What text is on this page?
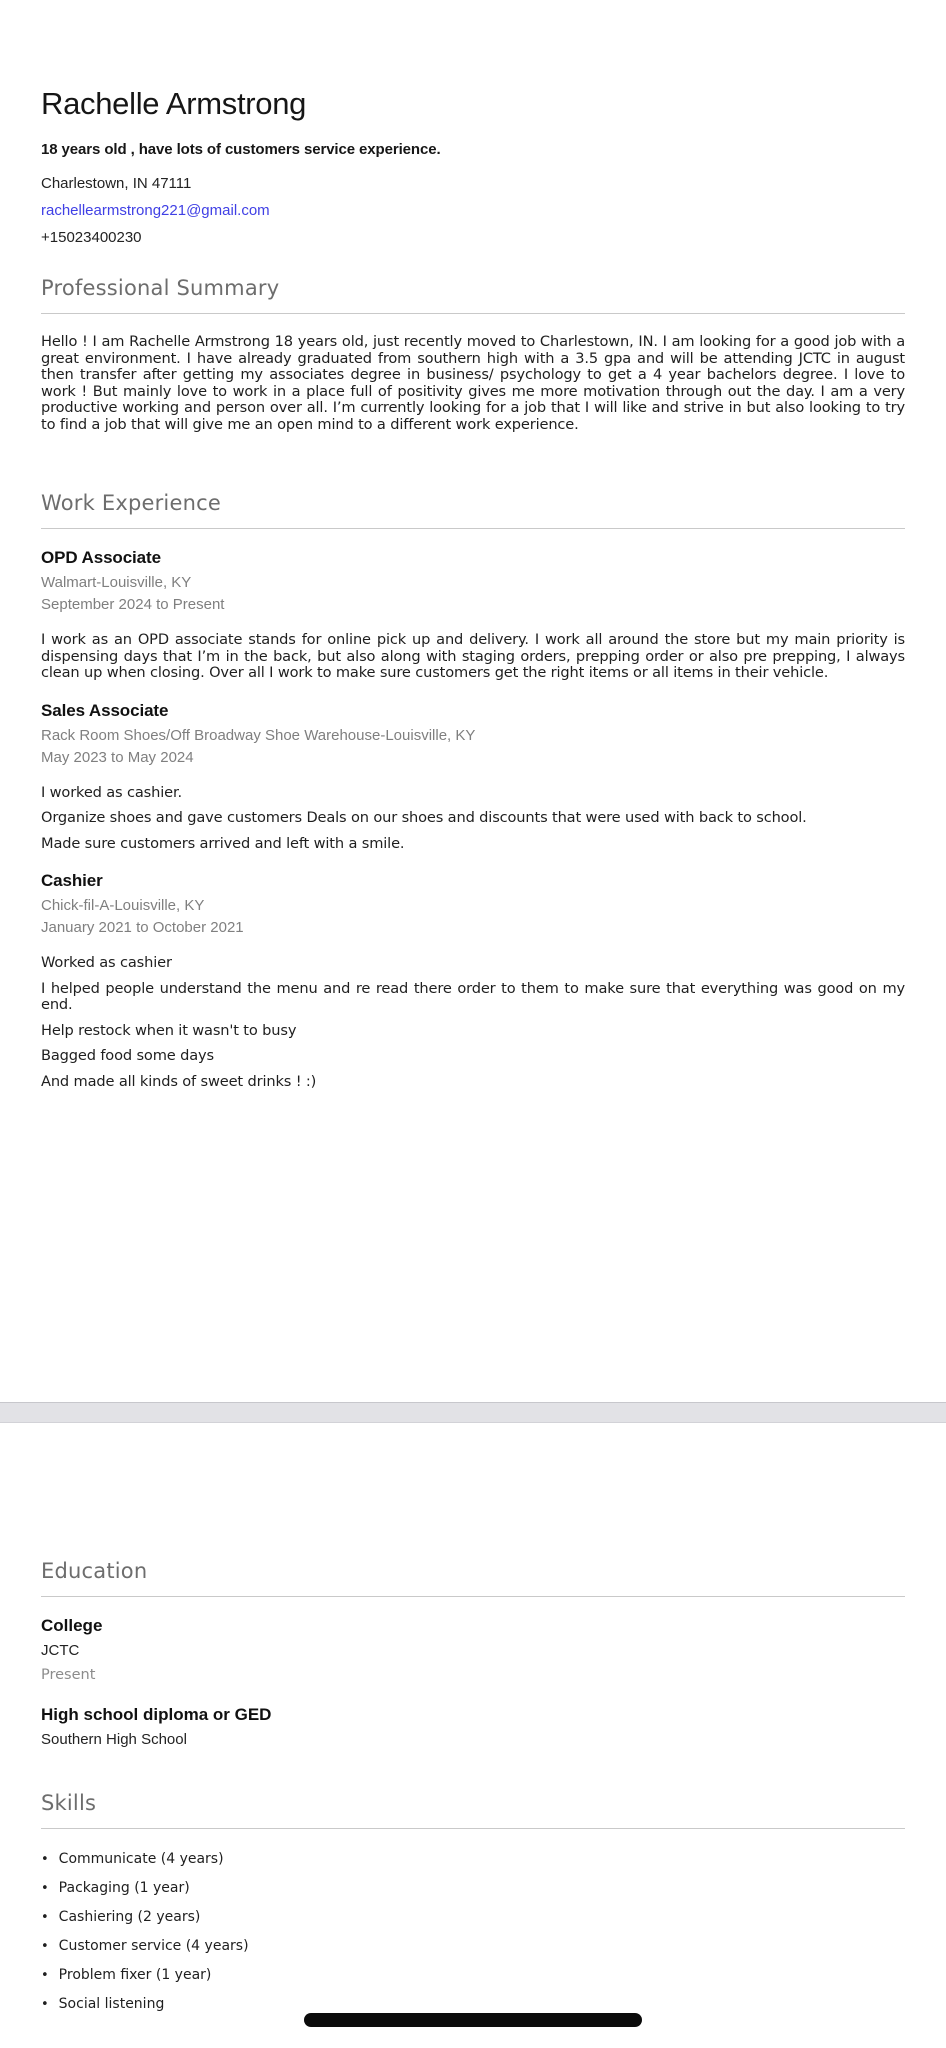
Rachelle Armstrong

18 years old , have lots of customers service experience.

Charlestown, IN 47111
rachellearmstrong221@gmail.com
+15023400230
Professional Summary

Hello ! I am Rachelle Armstrong 18 years old, just recently moved to Charlestown, IN. I am looking for a good job with a great environment. I have already graduated from southern high with a 3.5 gpa and will be attending JCTC in august then transfer after getting my associates degree in business/ psychology to get a 4 year bachelors degree. I love to work ! But mainly love to work in a place full of positivity gives me more motivation through out the day. I am a very productive working and person over all. I’m currently looking for a job that I will like and strive in but also looking to try to find a job that will give me an open mind to a different work experience.

Work Experience
OPD Associate
Walmart-Louisville, KY
September 2024 to Present

I work as an OPD associate stands for online pick up and delivery. I work all around the store but my main priority is dispensing days that I’m in the back, but also along with staging orders, prepping order or also pre prepping, I always clean up when closing. Over all I work to make sure customers get the right items or all items in their vehicle.

Sales Associate
Rack Room Shoes/Off Broadway Shoe Warehouse-Louisville, KY
May 2023 to May 2024

I worked as cashier.

Organize shoes and gave customers Deals on our shoes and discounts that were used with back to school.

Made sure customers arrived and left with a smile.

Cashier
Chick-fil-A-Louisville, KY
January 2021 to October 2021

Worked as cashier

I helped people understand the menu and re read there order to them to make sure that everything was good on my end.

Help restock when it wasn't to busy

Bagged food some days

And made all kinds of sweet drinks ! :)

Education
College
JCTC
Present
High school diploma or GED
Southern High School
Skills
• Communicate (4 years)
• Packaging (1 year)
• Cashiering (2 years)
• Customer service (4 years)
• Problem fixer (1 year)
• Social listening
